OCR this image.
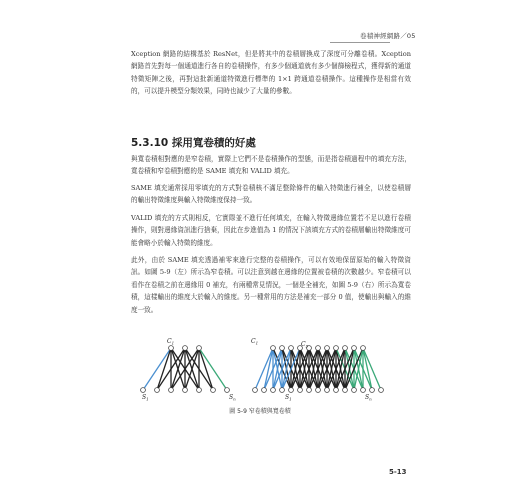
卷積神經網路／05

Xception 網路的結構基於 ResNet，但是將其中的卷積層換成了深度可分離卷積。Xception 網路首先對每一個通道進行各自的卷積操作，有多少個通道就有多少個篩檢程式，獲得新的通道特徵矩陣之後，再對這批新通道特徵進行標準的 1×1 跨通道卷積操作。這種操作是相當有效的，可以提升模型分類效果，同時也減少了大量的參數。

5.3.10 採用寬卷積的好處

與寬卷積相對應的是窄卷積，實際上它們不是卷積操作的型態，而是指卷積過程中的填充方法，寬卷積和窄卷積對應的是 SAME 填充和 VALID 填充。

SAME 填充通常採用零填充的方式對卷積核不滿足整除條件的輸入特徵進行補全，以使卷積層的輸出特徵維度與輸入特徵維度保持一致。

VALID 填充的方式則相反，它實際並不進行任何填充，在輸入特徵邊緣位置若不足以進行卷積操作，則對邊緣資訊進行捨棄，因此在步進值為 1 的情況下該填充方式的卷積層輸出特徵維度可能會略小於輸入特徵的維度。

此外，由於 SAME 填充透過補零來進行完整的卷積操作，可以有效地保留原始的輸入特徵資訊。如圖 5-9（左）所示為窄卷積。可以注意到越在邊緣的位置被卷積的次數越少。窄卷積可以看作在卷積之前在邊緣用 0 補充，有兩種常見情況，一個是全補充，如圖 5-9（右）所示為寬卷積，這樣輸出的維度大於輸入的維度。另一種常用的方法是補充一部分 0 值，使輸出與輸入的維度一致。

$C_1$
$S_1$	$S_n$
$C_1$	$C_5$
$S_1$	$S_n$
圖 5-9 窄卷積與寬卷積
5-13
